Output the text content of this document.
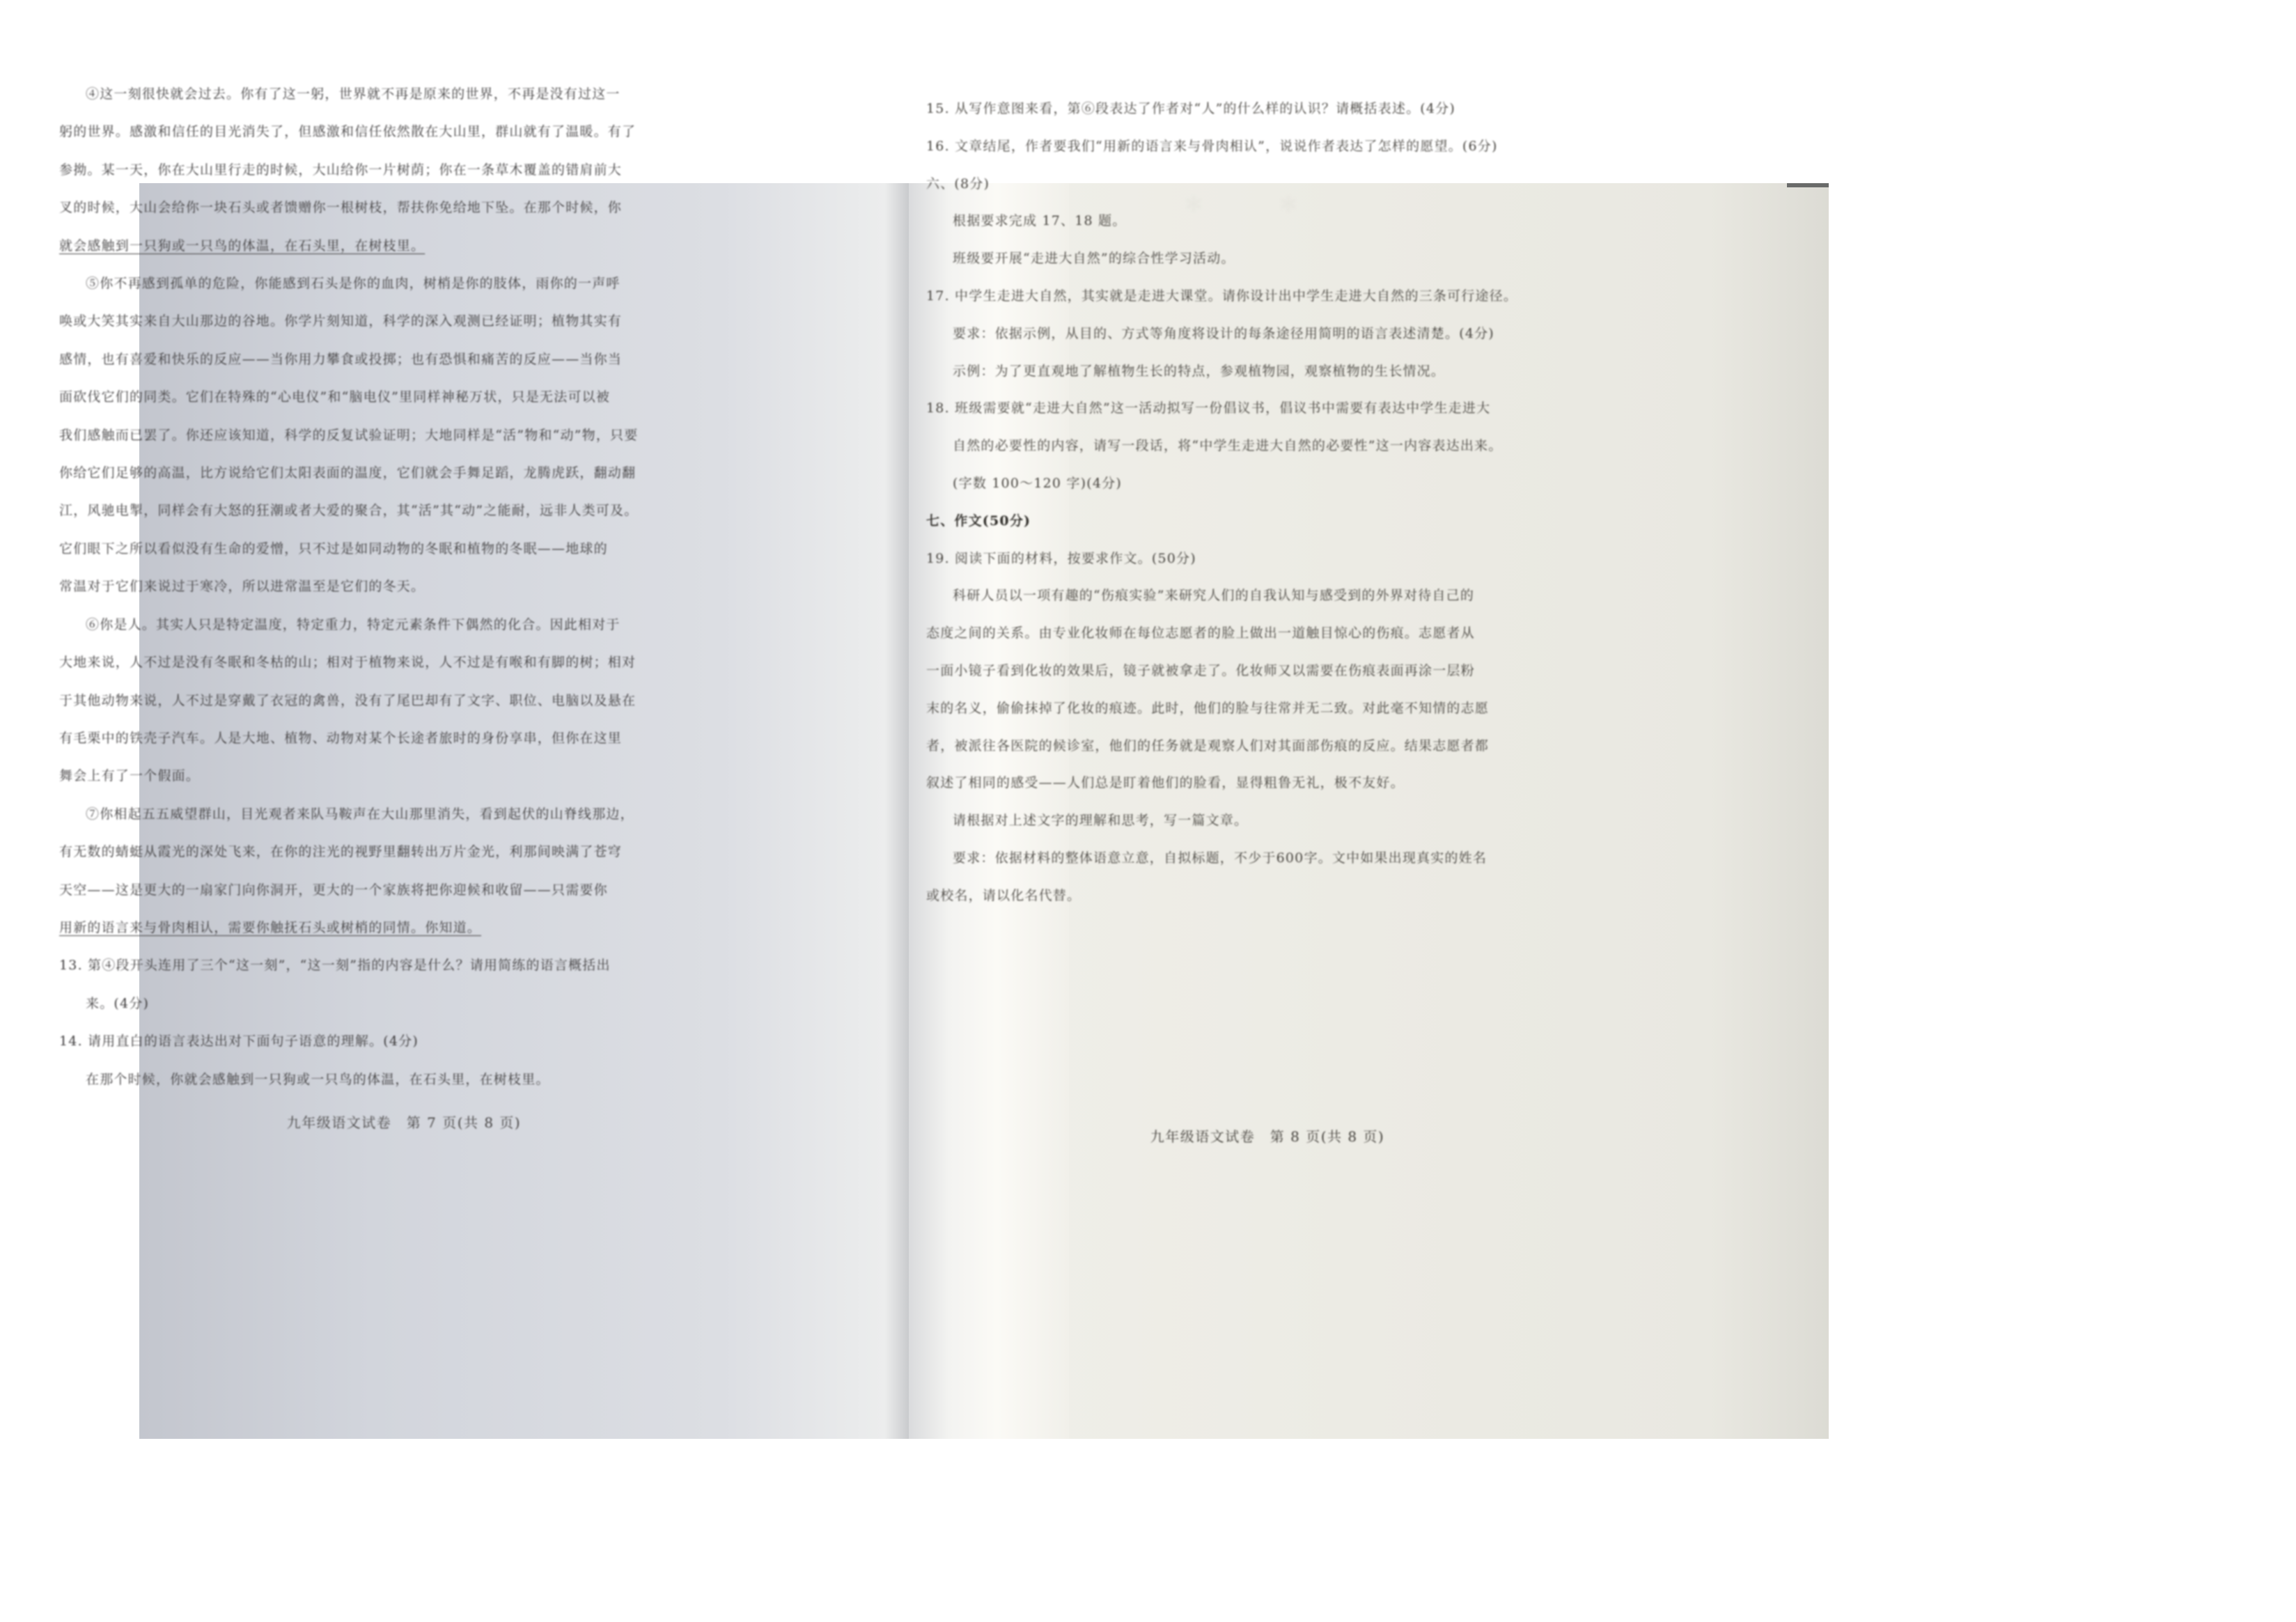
④这一刻很快就会过去。你有了这一躬，世界就不再是原来的世界，不再是没有过这一
躬的世界。感激和信任的目光消失了，但感激和信任依然散在大山里，群山就有了温暖。有了
参拗。某一天，你在大山里行走的时候，大山给你一片树荫；你在一条草木覆盖的错肩前大
叉的时候，大山会给你一块石头或者馈赠你一根树枝，帮扶你免给地下坠。在那个时候，你
就会感触到一只狗或一只鸟的体温，在石头里，在树枝里。
⑤你不再感到孤单的危险，你能感到石头是你的血肉，树梢是你的肢体，雨你的一声呼
唤或大笑其实来自大山那边的谷地。你学片刻知道，科学的深入观测已经证明；植物其实有
感情，也有喜爱和快乐的反应——当你用力攀食或投掷；也有恐惧和痛苦的反应——当你当
面砍伐它们的同类。它们在特殊的“心电仪”和“脑电仪”里同样神秘万状，只是无法可以被
我们感触而已罢了。你还应该知道，科学的反复试验证明；大地同样是“活”物和“动”物，只要
你给它们足够的高温，比方说给它们太阳表面的温度，它们就会手舞足蹈，龙腾虎跃，翻动翻
江，风驰电掣，同样会有大怒的狂潮或者大爱的聚合，其“活”其“动”之能耐，远非人类可及。
它们眼下之所以看似没有生命的爱憎，只不过是如同动物的冬眠和植物的冬眠——地球的
常温对于它们来说过于寒冷，所以进常温至是它们的冬天。
⑥你是人。其实人只是特定温度，特定重力，特定元素条件下偶然的化合。因此相对于
大地来说，人不过是没有冬眠和冬枯的山；相对于植物来说，人不过是有喉和有脚的树；相对
于其他动物来说，人不过是穿戴了衣冠的禽兽，没有了尾巴却有了文字、职位、电脑以及悬在
有毛栗中的铁壳子汽车。人是大地、植物、动物对某个长途者旅时的身份享串，但你在这里
舞会上有了一个假面。
⑦你相起五五威望群山，目光观者来队马鞍声在大山那里消失，看到起伏的山脊线那边，
有无数的蜻蜓从霞光的深处飞来，在你的注光的视野里翻转出万片金光，利那间映满了苍穹
天空——这是更大的一扇家门向你洞开，更大的一个家族将把你迎候和收留——只需要你
用新的语言来与骨肉相认，需要你触抚石头或树梢的同情。你知道。
13. 第④段开头连用了三个“这一刻”，“这一刻”指的内容是什么？请用简练的语言概括出
来。(4分)
14. 请用直白的语言表达出对下面句子语意的理解。(4分)
在那个时候，你就会感触到一只狗或一只鸟的体温，在石头里，在树枝里。
九年级语文试卷　第 7 页(共 8 页)
＊　＊
15. 从写作意图来看，第⑥段表达了作者对“人”的什么样的认识？请概括表述。(4分)
16. 文章结尾，作者要我们“用新的语言来与骨肉相认”，说说作者表达了怎样的愿望。(6分)
六、(8分)
根据要求完成 17、18 题。
班级要开展“走进大自然”的综合性学习活动。
17. 中学生走进大自然，其实就是走进大课堂。请你设计出中学生走进大自然的三条可行途径。
要求：依据示例，从目的、方式等角度将设计的每条途径用简明的语言表述清楚。(4分)
示例：为了更直观地了解植物生长的特点，参观植物园，观察植物的生长情况。
18. 班级需要就“走进大自然”这一活动拟写一份倡议书，倡议书中需要有表达中学生走进大
自然的必要性的内容，请写一段话，将“中学生走进大自然的必要性”这一内容表达出来。
(字数 100～120 字)(4分)
七、作文(50分)
19. 阅读下面的材料，按要求作文。(50分)
科研人员以一项有趣的“伤痕实验”来研究人们的自我认知与感受到的外界对待自己的
态度之间的关系。由专业化妆师在每位志愿者的脸上做出一道触目惊心的伤痕。志愿者从
一面小镜子看到化妆的效果后，镜子就被拿走了。化妆师又以需要在伤痕表面再涂一层粉
末的名义，偷偷抹掉了化妆的痕迹。此时，他们的脸与往常并无二致。对此毫不知情的志愿
者，被派往各医院的候诊室，他们的任务就是观察人们对其面部伤痕的反应。结果志愿者都
叙述了相同的感受——人们总是盯着他们的脸看，显得粗鲁无礼，极不友好。
请根据对上述文字的理解和思考，写一篇文章。
要求：依据材料的整体语意立意，自拟标题，不少于600字。文中如果出现真实的姓名
或校名，请以化名代替。
九年级语文试卷　第 8 页(共 8 页)
